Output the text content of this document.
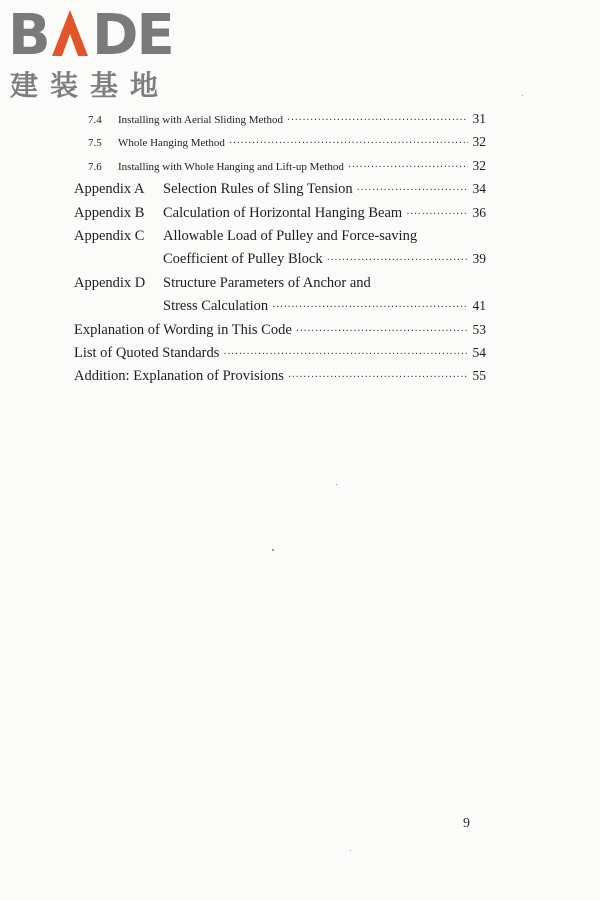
B DE
建装基地
7.4	Installing with Aerial Sliding Method ·····	31
7.5	Whole Hanging Method ·····	32
7.6	Installing with Whole Hanging and Lift-up Method ·····	32
Appendix A	Selection Rules of Sling Tension ·····	34
Appendix B	Calculation of Horizontal Hanging Beam ·····	36
Appendix C	Allowable Load of Pulley and Force-saving
Coefficient of Pulley Block ·····	39
Appendix D	Structure Parameters of Anchor and
Stress Calculation ·····	41
Explanation of Wording in This Code ·····	53
List of Quoted Standards ·····	54
Addition: Explanation of Provisions ·····	55
9
